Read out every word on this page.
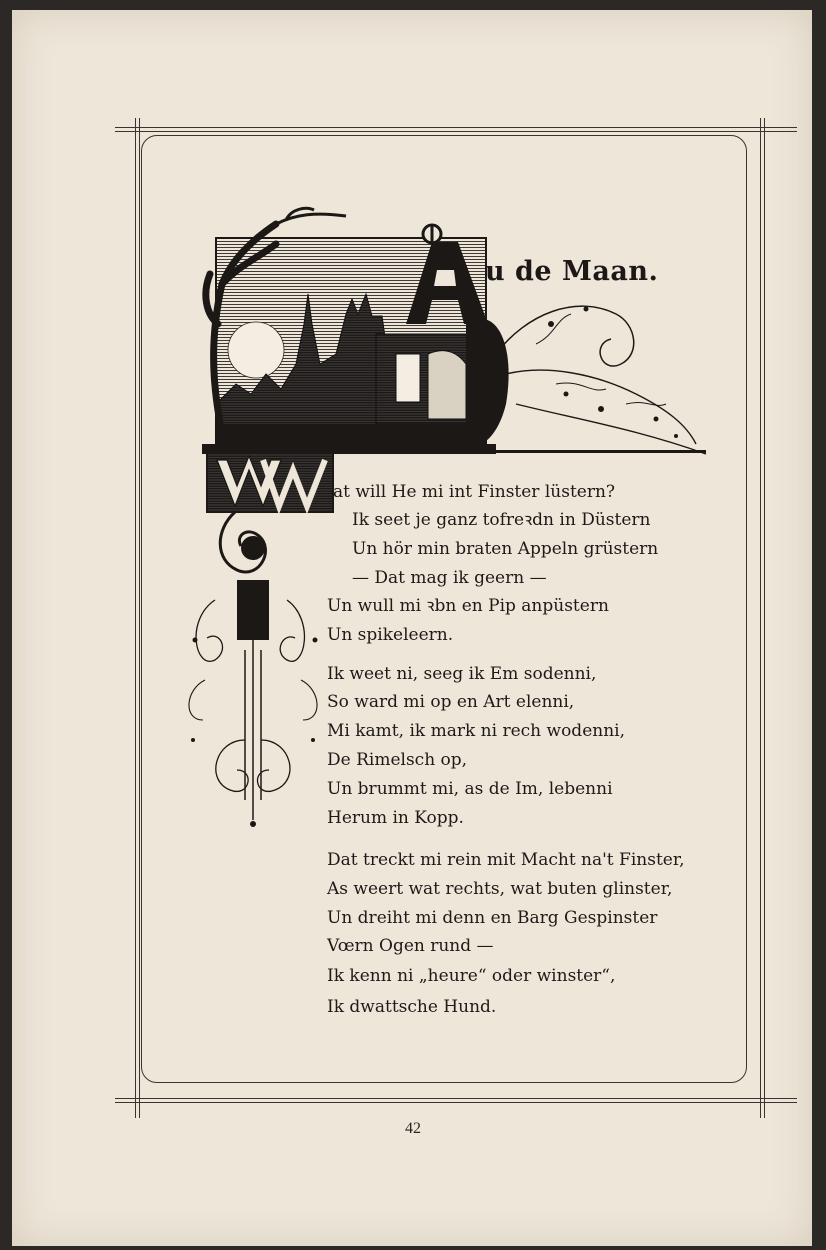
u de Maan.
at will He mi int Finster lüstern?
Ik seet je ganz tofreꝛdn in Düstern
Un hör min braten Appeln grüstern
— Dat mag ik geern —
Un wull mi ꝛbn en Pip anpüstern
Un spikeleern.
Ik weet ni, seeg ik Em sodenni,
So ward mi op en Art elenni,
Mi kamt, ik mark ni rech wodenni,
De Rimelsch op,
Un brummt mi, as de Im, lebenni
Herum in Kopp.
Dat treckt mi rein mit Macht na't Finster,
As weert wat rechts, wat buten glinster,
Un dreiht mi denn en Barg Gespinster
Vœrn Ogen rund —
Ik kenn ni „heure“ oder winster“,
Ik dwattsche Hund.
42
